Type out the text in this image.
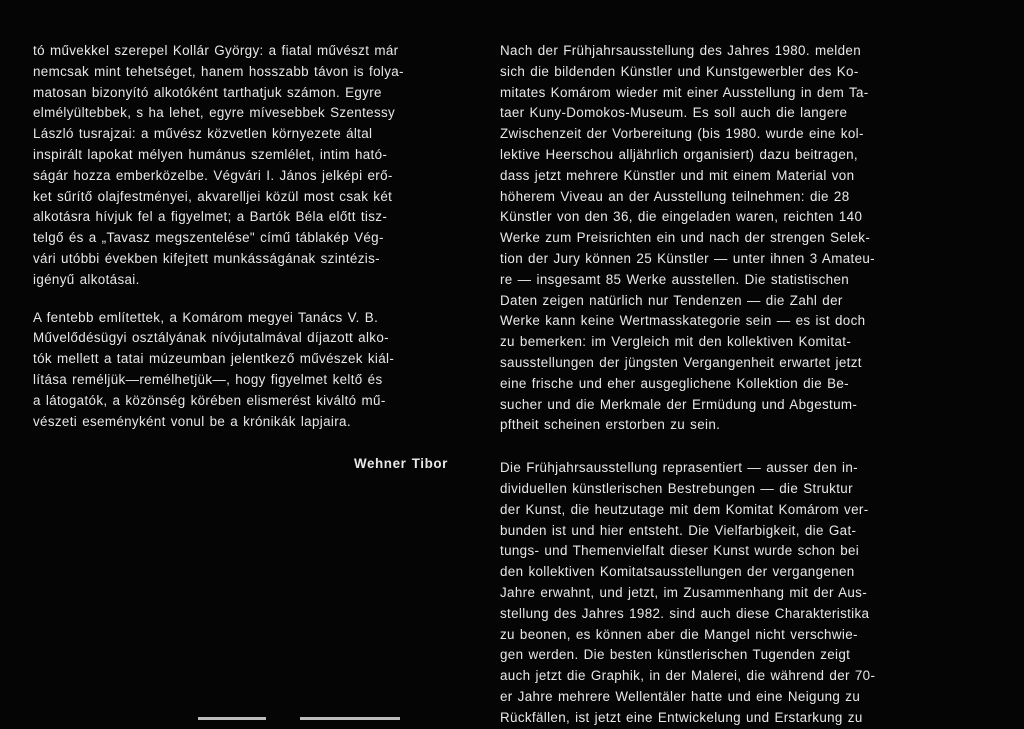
tó művekkel szerepel Kollár György: a fiatal művészt már
nemcsak mint tehetséget, hanem hosszabb távon is folya-
matosan bizonyító alkotóként tarthatjuk számon. Egyre
elmélyültebbek, s ha lehet, egyre mívesebbek Szentessy
László tusrajzai: a művész közvetlen környezete által
inspirált lapokat mélyen humánus szemlélet, intim ható-
ságár hozza emberközelbe. Végvári I. János jelképi erő-
ket sűrítő olajfestményei, akvarelljei közül most csak két
alkotásra hívjuk fel a figyelmet; a Bartók Béla előtt tisz-
telgő és a „Tavasz megszentelése" című táblakép Vég-
vári utóbbi években kifejtett munkásságának szintézis-
igényű alkotásai.

A fentebb említettek, a Komárom megyei Tanács V. B.
Művelődésügyi osztályának nívójutalmával díjazott alko-
tók mellett a tatai múzeumban jelentkező művészek kiál-
lítása reméljük—remélhetjük—, hogy figyelmet keltő és
a látogatók, a közönség körében elismerést kiváltó mű-
vészeti eseményként vonul be a krónikák lapjaira.

Wehner Tibor

Nach der Frühjahrsausstellung des Jahres 1980. melden
sich die bildenden Künstler und Kunstgewerbler des Ko-
mitates Komárom wieder mit einer Ausstellung in dem Ta-
taer Kuny-Domokos-Museum. Es soll auch die langere
Zwischenzeit der Vorbereitung (bis 1980. wurde eine kol-
lektive Heerschou alljährlich organisiert) dazu beitragen,
dass jetzt mehrere Künstler und mit einem Material von
höherem Viveau an der Ausstellung teilnehmen: die 28
Künstler von den 36, die eingeladen waren, reichten 140
Werke zum Preisrichten ein und nach der strengen Selek-
tion der Jury können 25 Künstler — unter ihnen 3 Amateu-
re — insgesamt 85 Werke ausstellen. Die statistischen
Daten zeigen natürlich nur Tendenzen — die Zahl der
Werke kann keine Wertmasskategorie sein — es ist doch
zu bemerken: im Vergleich mit den kollektiven Komitat-
sausstellungen der jüngsten Vergangenheit erwartet jetzt
eine frische und eher ausgeglichene Kollektion die Be-
sucher und die Merkmale der Ermüdung und Abgestum-
pftheit scheinen erstorben zu sein.

Die Frühjahrsausstellung reprasentiert — ausser den in-
dividuellen künstlerischen Bestrebungen — die Struktur
der Kunst, die heutzutage mit dem Komitat Komárom ver-
bunden ist und hier entsteht. Die Vielfarbigkeit, die Gat-
tungs- und Themenvielfalt dieser Kunst wurde schon bei
den kollektiven Komitatsausstellungen der vergangenen
Jahre erwahnt, und jetzt, im Zusammenhang mit der Aus-
stellung des Jahres 1982. sind auch diese Charakteristika
zu beonen, es können aber die Mangel nicht verschwie-
gen werden. Die besten künstlerischen Tugenden zeigt
auch jetzt die Graphik, in der Malerei, die während der 70-
er Jahre mehrere Wellentäler hatte und eine Neigung zu
Rückfällen, ist jetzt eine Entwickelung und Erstarkung zu
